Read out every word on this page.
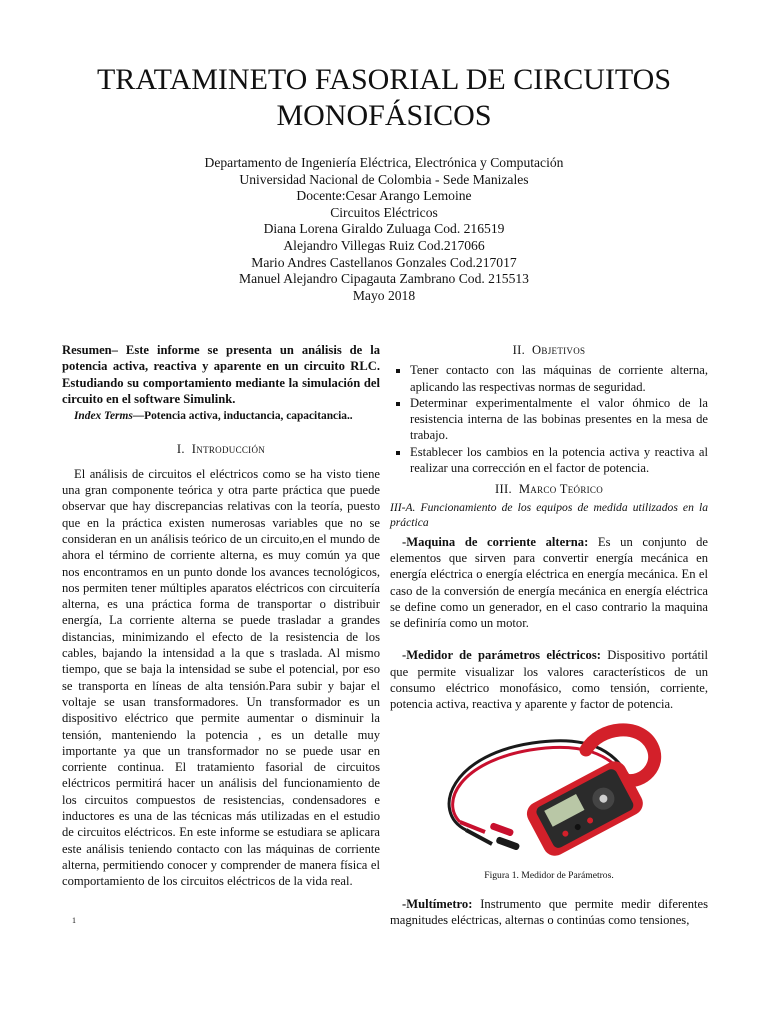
TRATAMINETO FASORIAL DE CIRCUITOS MONOFÁSICOS
Departamento de Ingeniería Eléctrica, Electrónica y Computación
Universidad Nacional de Colombia - Sede Manizales
Docente:Cesar Arango Lemoine
Circuitos Eléctricos
Diana Lorena Giraldo Zuluaga Cod. 216519
Alejandro Villegas Ruiz Cod.217066
Mario Andres Castellanos Gonzales Cod.217017
Manuel Alejandro Cipagauta Zambrano Cod. 215513
Mayo 2018

Resumen– Este informe se presenta un análisis de la potencia activa, reactiva y aparente en un circuito RLC. Estudiando su comportamiento mediante la simulación del circuito en el software Simulink.

Index Terms—Potencia activa, inductancia, capacitancia..

I. Introducción

El análisis de circuitos el eléctricos como se ha visto tiene una gran componente teórica y otra parte práctica que puede observar que hay discrepancias relativas con la teoría, puesto que en la práctica existen numerosas variables que no se consideran en un análisis teórico de un circuito,en el mundo de ahora el término de corriente alterna, es muy común ya que nos encontramos en un punto donde los avances tecnológicos, nos permiten tener múltiples aparatos eléctricos con circuitería alterna, es una práctica forma de transportar o distribuir energía, La corriente alterna se puede trasladar a grandes distancias, minimizando el efecto de la resistencia de los cables, bajando la intensidad a la que s traslada. Al mismo tiempo, que se baja la intensidad se sube el potencial, por eso se transporta en líneas de alta tensión.Para subir y bajar el voltaje se usan transformadores. Un transformador es un dispositivo eléctrico que permite aumentar o disminuir la tensión, manteniendo la potencia , es un detalle muy importante ya que un transformador no se puede usar en corriente continua. El tratamiento fasorial de circuitos eléctricos permitirá hacer un análisis del funcionamiento de los circuitos compuestos de resistencias, condensadores e inductores es una de las técnicas más utilizadas en el estudio de circuitos eléctricos. En este informe se estudiara se aplicara este análisis teniendo contacto con las máquinas de corriente alterna, permitiendo conocer y comprender de manera física el comportamiento de los circuitos eléctricos de la vida real.

II. Objetivos
Tener contacto con las máquinas de corriente alterna, aplicando las respectivas normas de seguridad.
Determinar experimentalmente el valor óhmico de la resistencia interna de las bobinas presentes en la mesa de trabajo.
Establecer los cambios en la potencia activa y reactiva al realizar una corrección en el factor de potencia.
III. Marco Teórico

III-A. Funcionamiento de los equipos de medida utilizados en la práctica

-Maquina de corriente alterna: Es un conjunto de elementos que sirven para convertir energía mecánica en energía eléctrica o energía eléctrica en energía mecánica. En el caso de la conversión de energía mecánica en energía eléctrica se define como un generador, en el caso contrario la maquina se definiría como un motor.

-Medidor de parámetros eléctricos: Dispositivo portátil que permite visualizar los valores característicos de un consumo eléctrico monofásico, como tensión, corriente, potencia activa, reactiva y aparente y factor de potencia.

Figura 1. Medidor de Parámetros.

-Multímetro: Instrumento que permite medir diferentes magnitudes eléctricas, alternas o continúas como tensiones,

1
